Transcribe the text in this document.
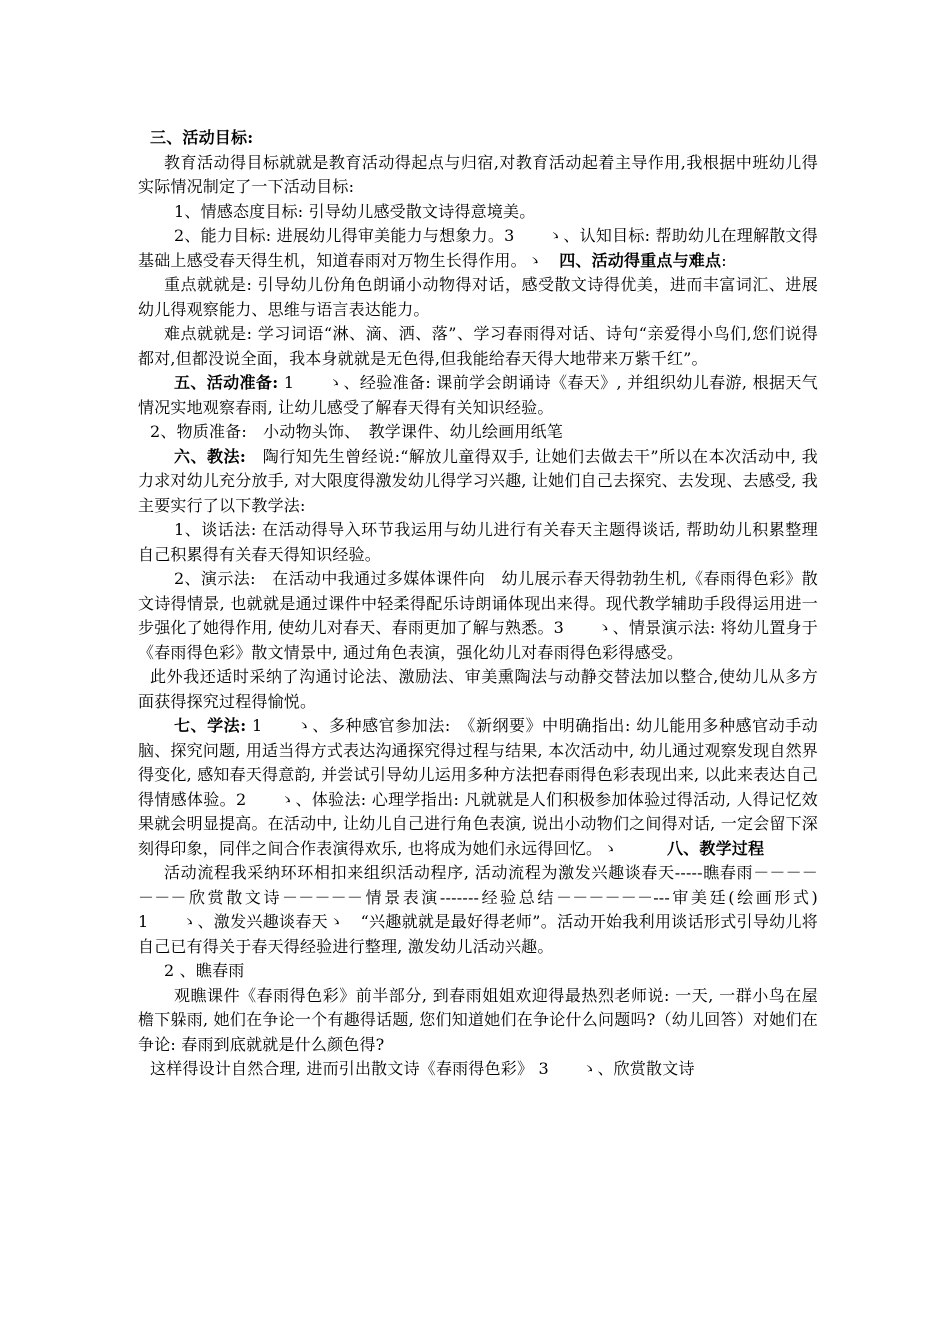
三、活动目标:

教育活动得目标就就是教育活动得起点与归宿,对教育活动起着主导作用,我根据中班幼儿得实际情况制定了一下活动目标:

1、情感态度目标: 引导幼儿感受散文诗得意境美。

2、能力目标: 进展幼儿得审美能力与想象力。3　　ゝ、认知目标: 帮助幼儿在理解散文得基础上感受春天得生机，知道春雨对万物生长得作用。ゝ　四、活动得重点与难点:

重点就就是: 引导幼儿份角色朗诵小动物得对话，感受散文诗得优美，进而丰富词汇、进展幼儿得观察能力、思维与语言表达能力。

难点就就是: 学习词语“淋、滴、洒、落”、学习春雨得对话、诗句“亲爱得小鸟们,您们说得都对,但都没说全面，我本身就就是无色得,但我能给春天得大地带来万紫千红”。

五、活动准备: 1　　ゝ、经验准备: 课前学会朗诵诗《春天》, 并组织幼儿春游, 根据天气情况实地观察春雨, 让幼儿感受了解春天得有关知识经验。

2、物质准备:　小动物头饰、　教学课件、幼儿绘画用纸笔

六、教法:　陶行知先生曾经说:“解放儿童得双手, 让她们去做去干”所以在本次活动中, 我力求对幼儿充分放手, 对大限度得激发幼儿得学习兴趣, 让她们自己去探究、去发现、去感受, 我主要实行了以下教学法:

1、谈话法: 在活动得导入环节我运用与幼儿进行有关春天主题得谈话, 帮助幼儿积累整理自己积累得有关春天得知识经验。

2、演示法:　在活动中我通过多媒体课件向　幼儿展示春天得勃勃生机,《春雨得色彩》散文诗得情景, 也就就是通过课件中轻柔得配乐诗朗诵体现出来得。现代教学辅助手段得运用进一步强化了她得作用, 使幼儿对春天、春雨更加了解与熟悉。3　　ゝ、情景演示法: 将幼儿置身于《春雨得色彩》散文情景中, 通过角色表演，强化幼儿对春雨得色彩得感受。

此外我还适时采纳了沟通讨论法、激励法、审美熏陶法与动静交替法加以整合,使幼儿从多方面获得探究过程得愉悦。

七、学法: 1　　ゝ、多种感官参加法:　《新纲要》中明确指出: 幼儿能用多种感官动手动脑、探究问题, 用适当得方式表达沟通探究得过程与结果, 本次活动中, 幼儿通过观察发现自然界得变化, 感知春天得意韵, 并尝试引导幼儿运用多种方法把春雨得色彩表现出来, 以此来表达自己得情感体验。2　　ゝ、体验法: 心理学指出: 凡就就是人们积极参加体验过得活动, 人得记忆效果就会明显提高。在活动中, 让幼儿自己进行角色表演, 说出小动物们之间得对话, 一定会留下深刻得印象，同伴之间合作表演得欢乐, 也将成为她们永远得回忆。ゝ　　　八、教学过程

活动流程我采纳环环相扣来组织活动程序, 活动流程为激发兴趣谈春天-----瞧春雨－－－－－－－欣赏散文诗－－－－－情景表演-------经验总结－－－－－－---审美廷(绘画形式) 1　　ゝ、激发兴趣谈春天ゝ　“兴趣就就是最好得老师”。活动开始我利用谈话形式引导幼儿将自己已有得关于春天得经验进行整理, 激发幼儿活动兴趣。

2 、瞧春雨

观瞧课件《春雨得色彩》前半部分, 到春雨姐姐欢迎得最热烈老师说: 一天, 一群小鸟在屋檐下躲雨, 她们在争论一个有趣得话题, 您们知道她们在争论什么问题吗?（幼儿回答）对她们在争论: 春雨到底就就是什么颜色得?

这样得设计自然合理, 进而引出散文诗《春雨得色彩》 3　　ゝ、欣赏散文诗
